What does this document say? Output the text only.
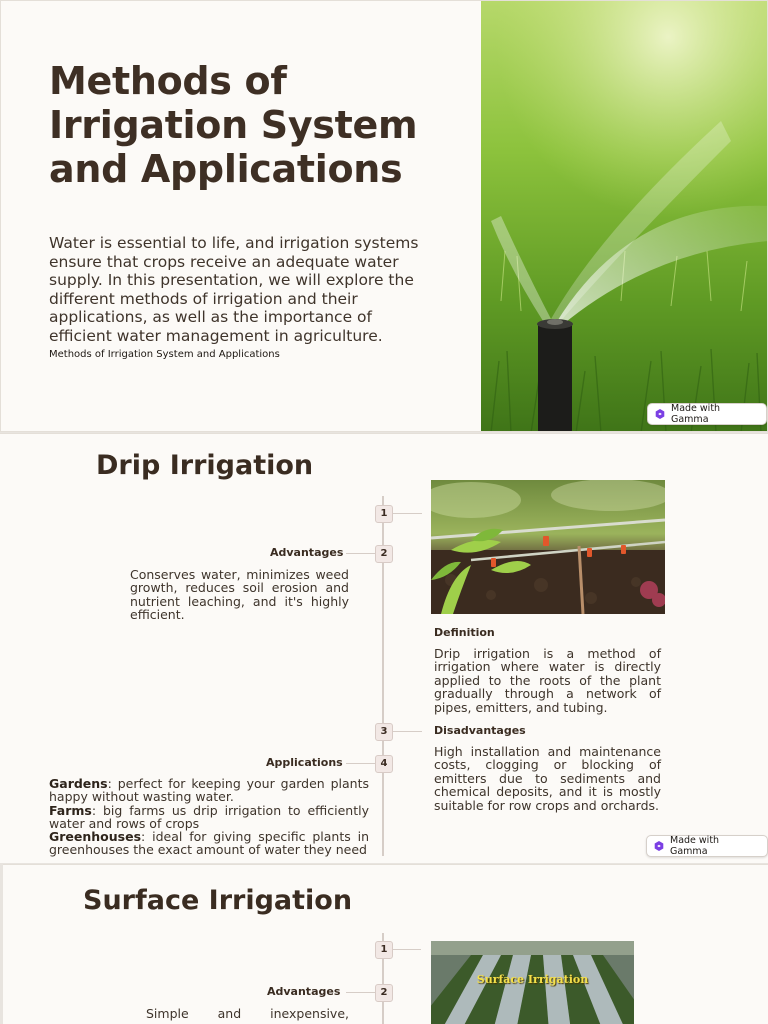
Methods of Irrigation System and Applications

Water is essential to life, and irrigation systems ensure that crops receive an adequate water supply. In this presentation, we will explore the different methods of irrigation and their applications, as well as the importance of efficient water management in agriculture.

Methods of Irrigation System and Applications

Made with Gamma
Drip Irrigation
1
2
3
4
Advantages

Conserves water, minimizes weed growth, reduces soil erosion and nutrient leaching, and it's highly efficient.

Definition

Drip irrigation is a method of irrigation where water is directly applied to the roots of the plant gradually through a network of pipes, emitters, and tubing.

Disadvantages

High installation and maintenance costs, clogging or blocking of emitters due to sediments and chemical deposits, and it is mostly suitable for row crops and orchards.

Applications

Gardens: perfect for keeping your garden plants happy without wasting water.

Farms: big farms us drip irrigation to efficiently water and rows of crops

Greenhouses: ideal for giving specific plants in greenhouses the exact amount of water they need

Made with Gamma
Surface Irrigation
1
2
Surface Irrigation
Advantages

Simple and inexpensive,
